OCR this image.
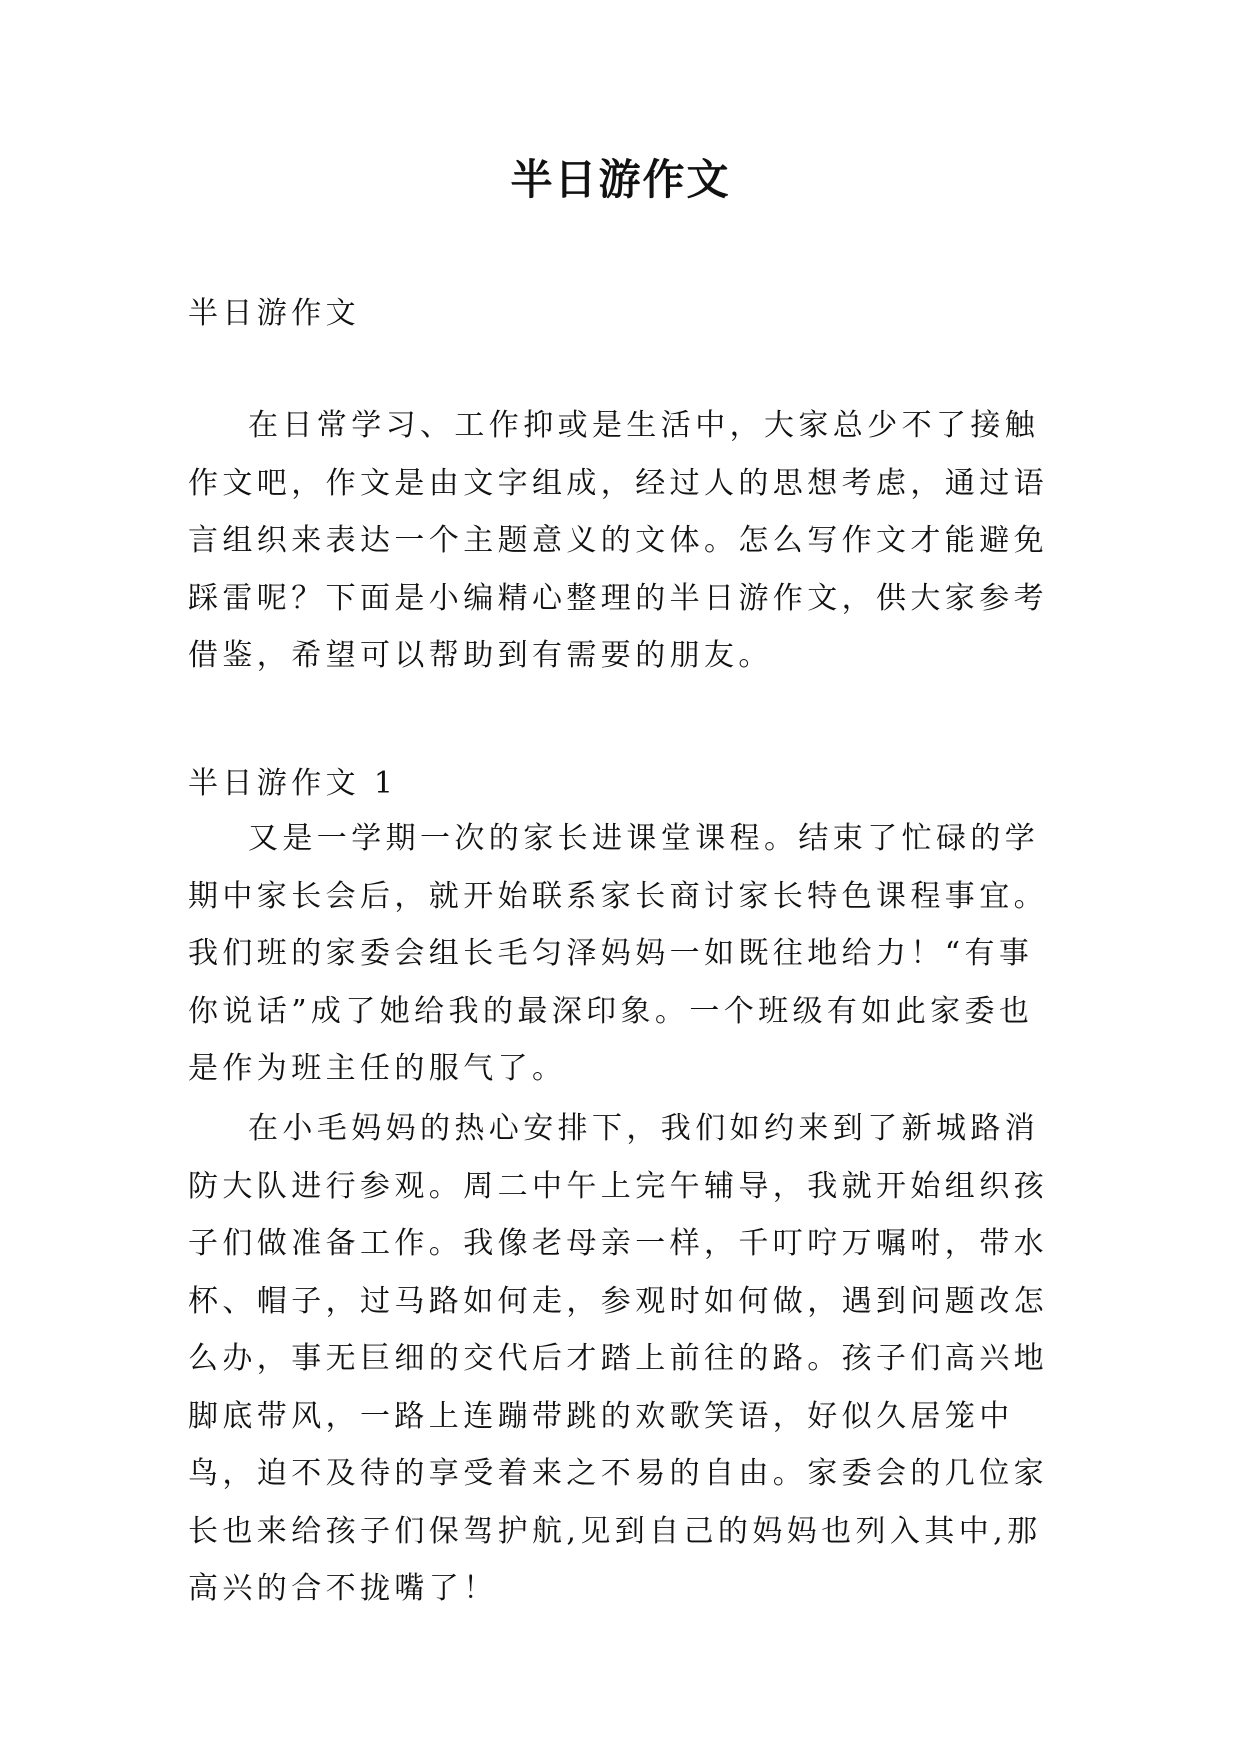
半日游作文

半日游作文

在日常学习、工作抑或是生活中，大家总少不了接触作文吧，作文是由文字组成，经过人的思想考虑，通过语言组织来表达一个主题意义的文体。怎么写作文才能避免踩雷呢？下面是小编精心整理的半日游作文，供大家参考借鉴，希望可以帮助到有需要的朋友。

半日游作文 1

又是一学期一次的家长进课堂课程。结束了忙碌的学期中家长会后，就开始联系家长商讨家长特色课程事宜。我们班的家委会组长毛匀泽妈妈一如既往地给力！“有事你说话”成了她给我的最深印象。一个班级有如此家委也是作为班主任的服气了。

在小毛妈妈的热心安排下，我们如约来到了新城路消防大队进行参观。周二中午上完午辅导，我就开始组织孩子们做准备工作。我像老母亲一样，千叮咛万嘱咐，带水杯、帽子，过马路如何走，参观时如何做，遇到问题改怎么办，事无巨细的交代后才踏上前往的路。孩子们高兴地脚底带风，一路上连蹦带跳的欢歌笑语，好似久居笼中鸟，迫不及待的享受着来之不易的自由。家委会的几位家长也来给孩子们保驾护航,见到自己的妈妈也列入其中,那高兴的合不拢嘴了！
